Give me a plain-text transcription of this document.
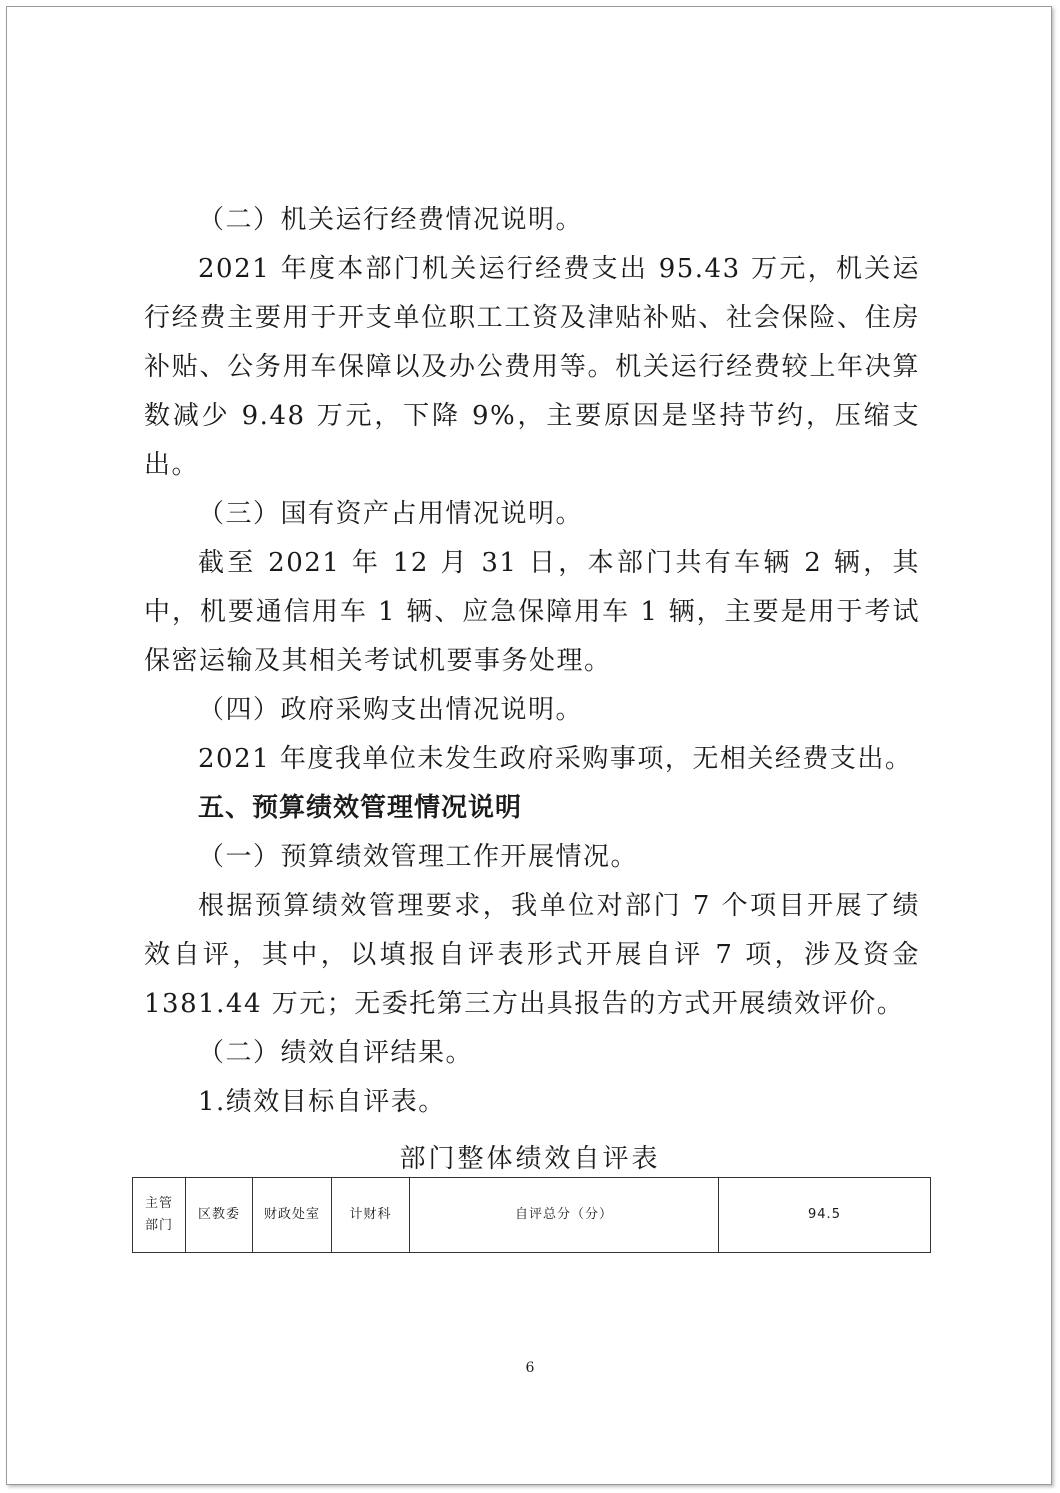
（二）机关运行经费情况说明。

2021 年度本部门机关运行经费支出 95.43 万元，机关运行经费主要用于开支单位职工工资及津贴补贴、社会保险、住房补贴、公务用车保障以及办公费用等。机关运行经费较上年决算数减少 9.48 万元，下降 9%，主要原因是坚持节约，压缩支出。

（三）国有资产占用情况说明。

截至 2021 年 12 月 31 日，本部门共有车辆 2 辆，其中，机要通信用车 1 辆、应急保障用车 1 辆，主要是用于考试保密运输及其相关考试机要事务处理。

（四）政府采购支出情况说明。

2021 年度我单位未发生政府采购事项，无相关经费支出。

五、预算绩效管理情况说明

（一）预算绩效管理工作开展情况。

根据预算绩效管理要求，我单位对部门 7 个项目开展了绩效自评，其中，以填报自评表形式开展自评 7 项，涉及资金 1381.44 万元；无委托第三方出具报告的方式开展绩效评价。

（二）绩效自评结果。

1.绩效目标自评表。

部门整体绩效自评表

主管部门	区教委	财政处室	计财科	自评总分（分）	94.5

6
